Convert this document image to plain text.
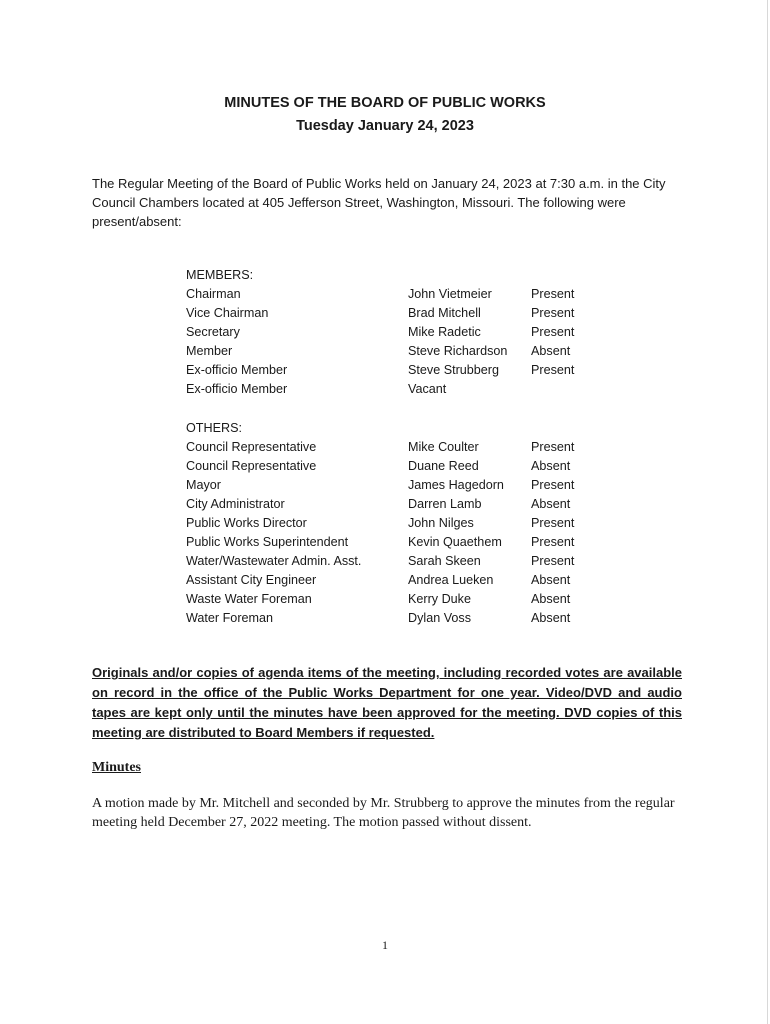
MINUTES OF THE BOARD OF PUBLIC WORKS
Tuesday January 24, 2023
The Regular Meeting of the Board of Public Works held on January 24, 2023 at 7:30 a.m. in the City Council Chambers located at 405 Jefferson Street, Washington, Missouri. The following were present/absent:
MEMBERS:
Chairman	John Vietmeier	Present
Vice Chairman	Brad Mitchell	Present
Secretary	Mike Radetic	Present
Member	Steve Richardson Absent
Ex-officio Member	Steve Strubberg	Present
Ex-officio Member	Vacant
OTHERS:
Council Representative	Mike Coulter	Present
Council Representative	Duane Reed	Absent
Mayor	James Hagedorn Present
City Administrator	Darren Lamb	Absent
Public Works Director	John Nilges	Present
Public Works Superintendent	Kevin Quaethem Present
Water/Wastewater Admin. Asst.	Sarah Skeen	Present
Assistant City Engineer	Andrea Lueken	Absent
Waste Water Foreman	Kerry Duke	Absent
Water Foreman	Dylan Voss	Absent
Originals and/or copies of agenda items of the meeting, including recorded votes are available on record in the office of the Public Works Department for one year. Video/DVD and audio tapes are kept only until the minutes have been approved for the meeting. DVD copies of this meeting are distributed to Board Members if requested.
Minutes
A motion made by Mr. Mitchell and seconded by Mr. Strubberg to approve the minutes from the regular meeting held December 27, 2022 meeting. The motion passed without dissent.
1
